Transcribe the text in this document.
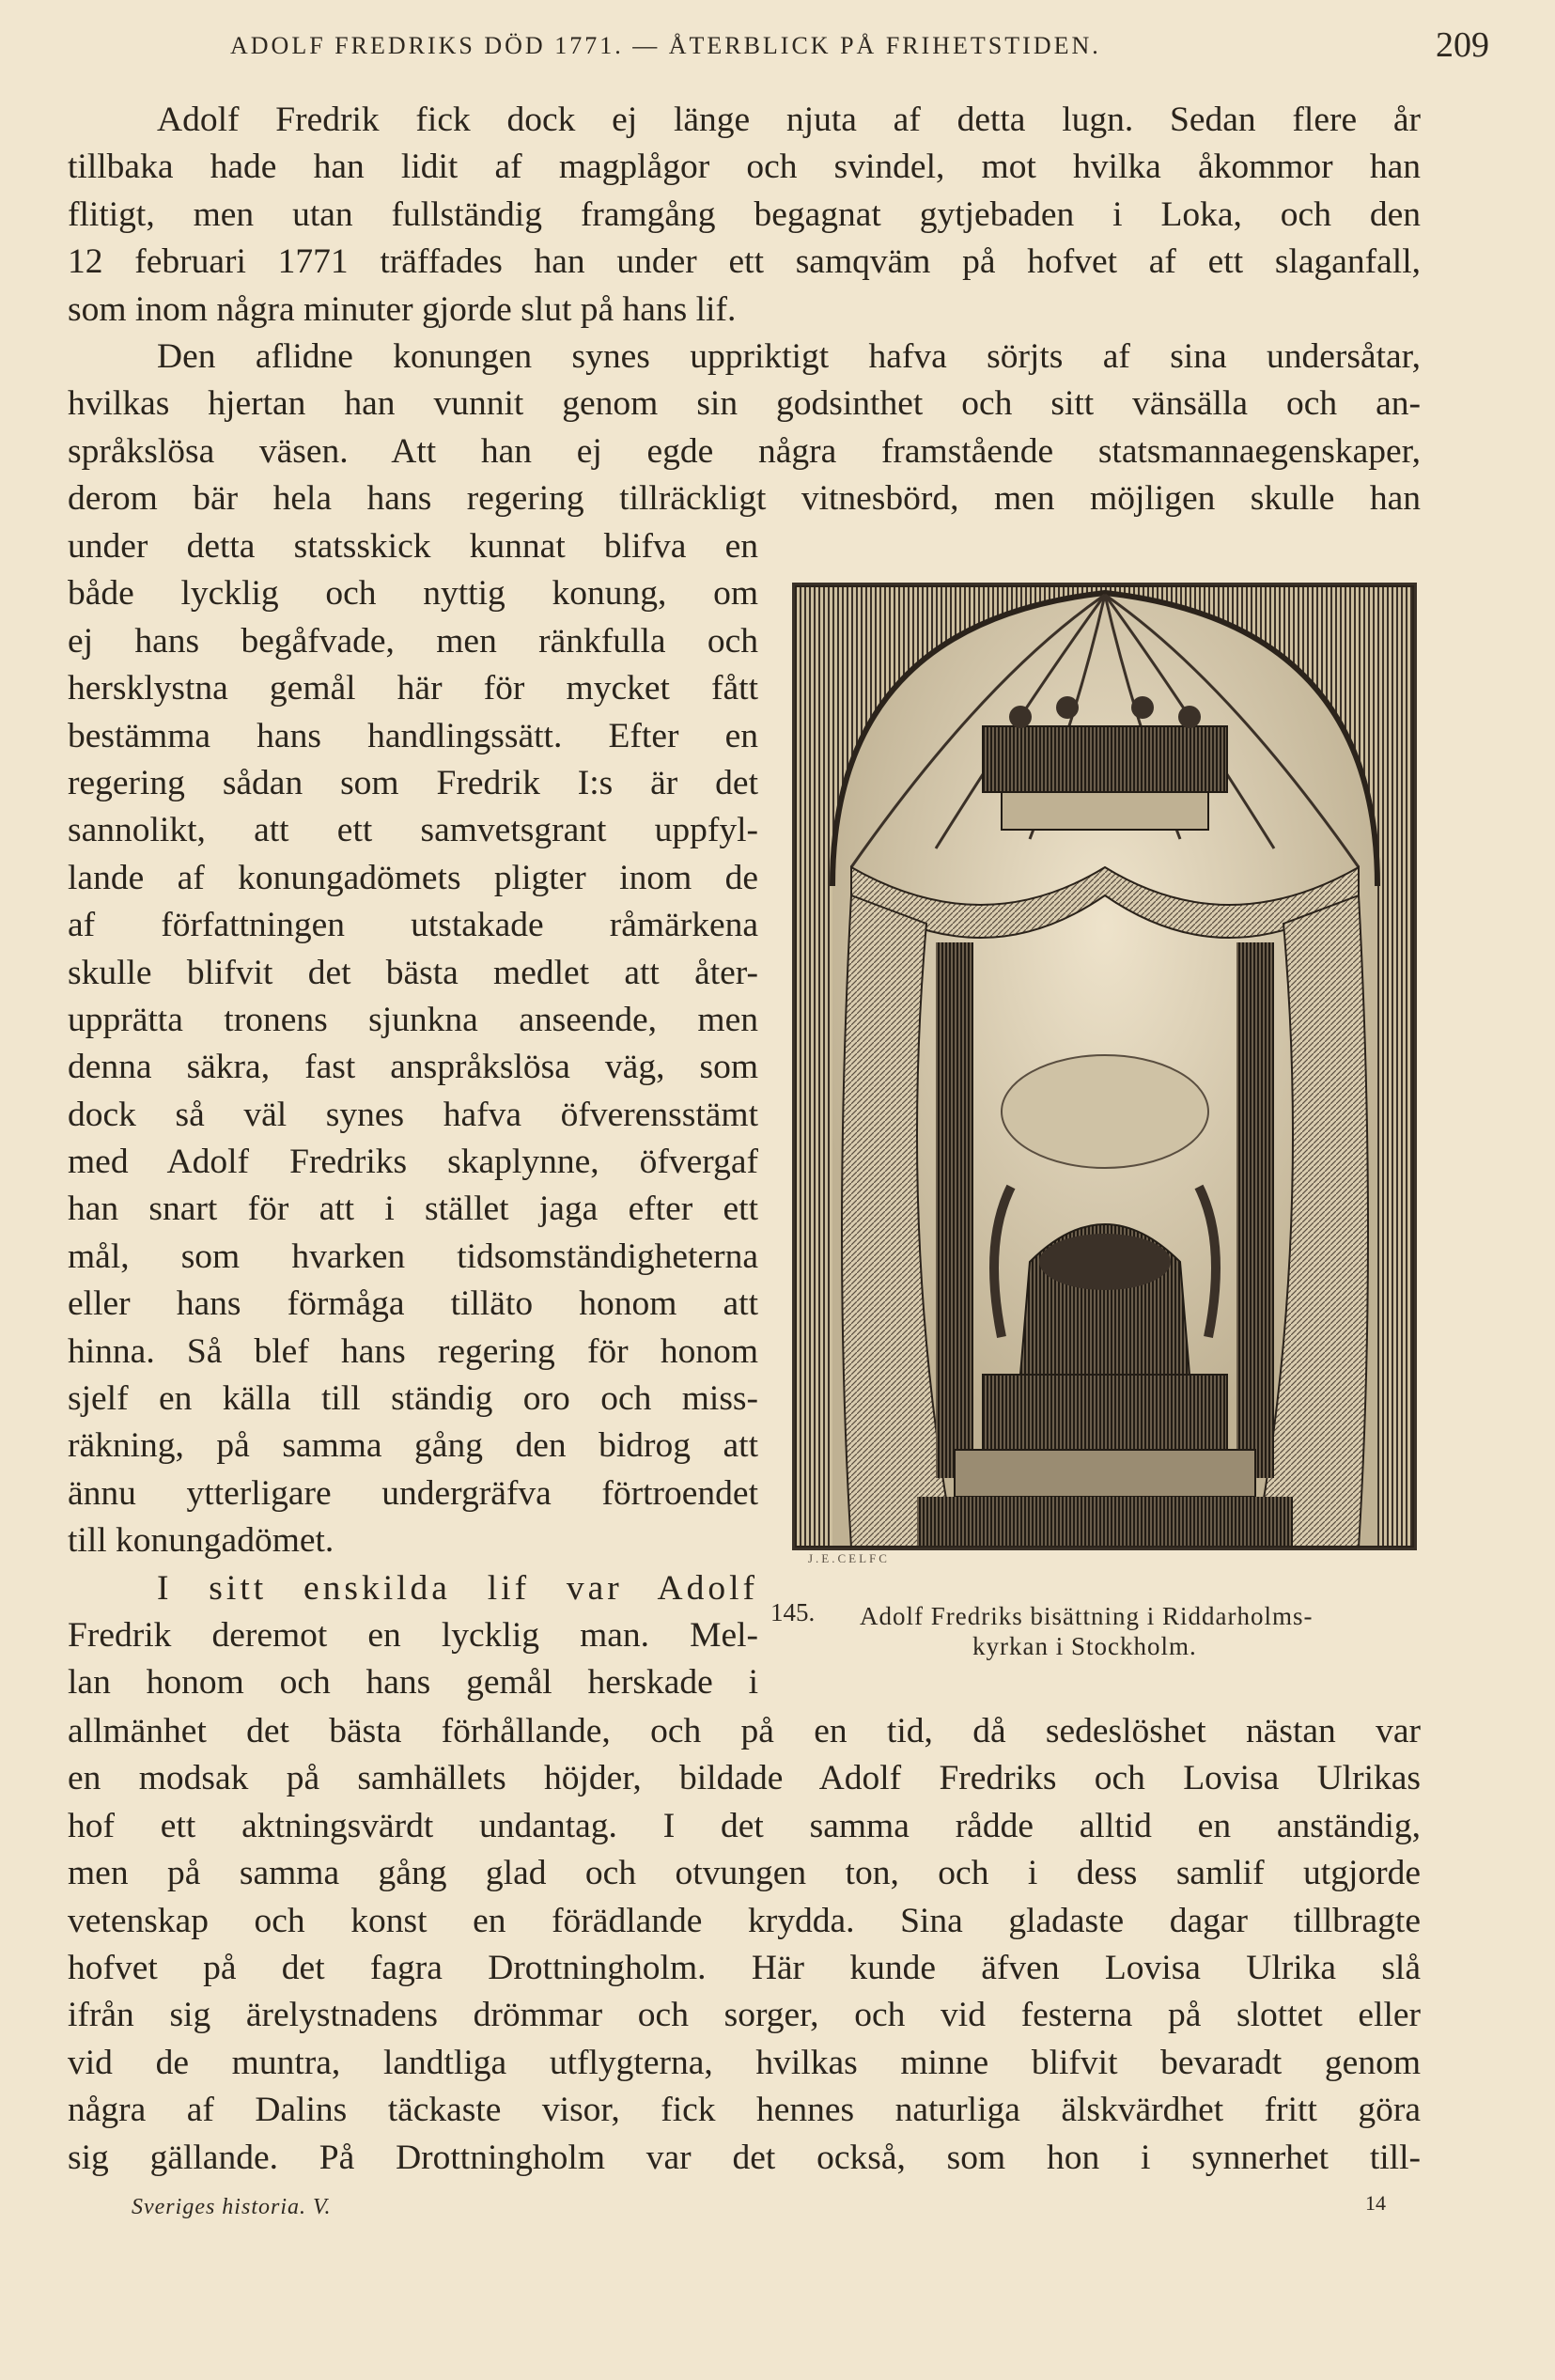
ADOLF FREDRIKS DÖD 1771. — ÅTERBLICK PÅ FRIHETSTIDEN.	209
Adolf Fredrik fick dock ej länge njuta af detta lugn. Sedan flere år
tillbaka hade han lidit af magplågor och svindel, mot hvilka åkommor han
flitigt, men utan fullständig framgång begagnat gytjebaden i Loka, och den
12 februari 1771 träffades han under ett samqväm på hofvet af ett slaganfall,
som inom några minuter gjorde slut på hans lif.
Den aflidne konungen synes uppriktigt hafva sörjts af sina undersåtar,
hvilkas hjertan han vunnit genom sin godsinthet och sitt vänsälla och an-
språkslösa väsen. Att han ej egde några framstående statsmannaegenskaper,
derom bär hela hans regering tillräckligt vitnesbörd, men möjligen skulle han
under detta statsskick kunnat blifva en
både lycklig och nyttig konung, om
ej hans begåfvade, men ränkfulla och
hersklystna gemål här för mycket fått
bestämma hans handlingssätt. Efter en
regering sådan som Fredrik I:s är det
sannolikt, att ett samvetsgrant uppfyl-
lande af konungadömets pligter inom de
af författningen utstakade råmärkena
skulle blifvit det bästa medlet att åter-
upprätta tronens sjunkna anseende, men
denna säkra, fast anspråkslösa väg, som
dock så väl synes hafva öfverensstämt
med Adolf Fredriks skaplynne, öfvergaf
han snart för att i stället jaga efter ett
mål, som hvarken tidsomständigheterna
eller hans förmåga tilläto honom att
hinna. Så blef hans regering för honom
sjelf en källa till ständig oro och miss-
räkning, på samma gång den bidrog att
ännu ytterligare undergräfva förtroendet
till konungadömet.
I sitt enskilda lif var Adolf
Fredrik deremot en lycklig man. Mel-
lan honom och hans gemål herskade i
J.E.CELFC
145. Adolf Fredriks bisättning i Riddarholms-
kyrkan i Stockholm.
allmänhet det bästa förhållande, och på en tid, då sedeslöshet nästan var
en modsak på samhällets höjder, bildade Adolf Fredriks och Lovisa Ulrikas
hof ett aktningsvärdt undantag. I det samma rådde alltid en anständig,
men på samma gång glad och otvungen ton, och i dess samlif utgjorde
vetenskap och konst en förädlande krydda. Sina gladaste dagar tillbragte
hofvet på det fagra Drottningholm. Här kunde äfven Lovisa Ulrika slå
ifrån sig ärelystnadens drömmar och sorger, och vid festerna på slottet eller
vid de muntra, landtliga utflygterna, hvilkas minne blifvit bevaradt genom
några af Dalins täckaste visor, fick hennes naturliga älskvärdhet fritt göra
sig gällande. På Drottningholm var det också, som hon i synnerhet till-
Sveriges historia. V.	14
